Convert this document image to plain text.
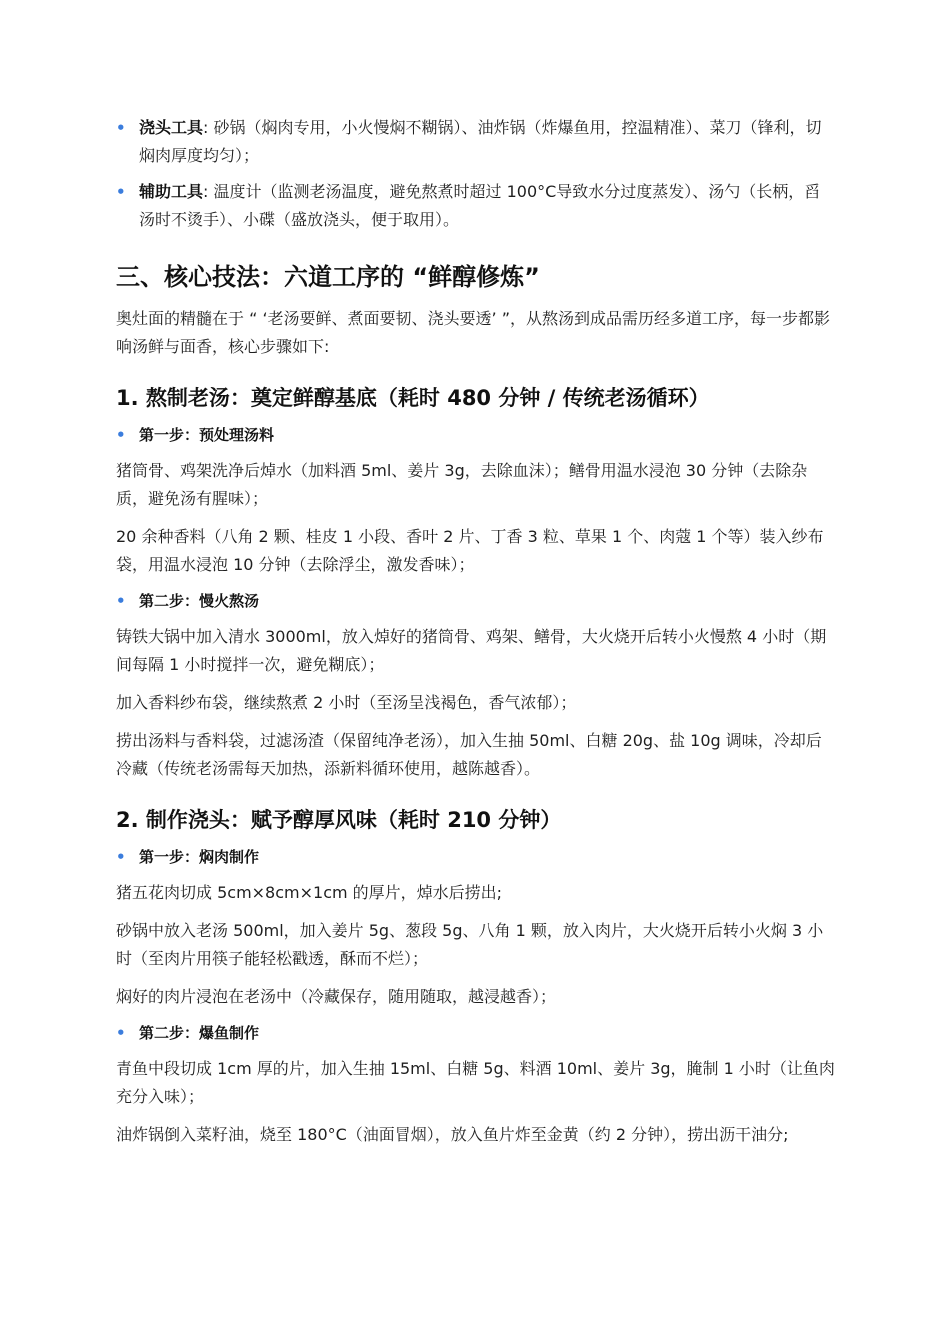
• 浇头工具: 砂锅（焖肉专用，小火慢焖不糊锅）、油炸锅（炸爆鱼用，控温精准）、菜刀（锋利，切焖肉厚度均匀）；
• 辅助工具: 温度计（监测老汤温度，避免熬煮时超过 100°C导致水分过度蒸发）、汤勺（长柄，舀汤时不烫手）、小碟（盛放浇头，便于取用）。
三、核心技法：六道工序的 “鲜醇修炼”

奥灶面的精髓在于 “ ‘老汤要鲜、煮面要韧、浇头要透’ ”，从熬汤到成品需历经多道工序，每一步都影响汤鲜与面香，核心步骤如下:

1. 熬制老汤：奠定鲜醇基底（耗时 480 分钟 / 传统老汤循环）
• 第一步：预处理汤料

猪筒骨、鸡架洗净后焯水（加料酒 5ml、姜片 3g，去除血沫）；鳝骨用温水浸泡 30 分钟（去除杂质，避免汤有腥味）；

20 余种香料（八角 2 颗、桂皮 1 小段、香叶 2 片、丁香 3 粒、草果 1 个、肉蔻 1 个等）装入纱布袋，用温水浸泡 10 分钟（去除浮尘，激发香味）；

• 第二步：慢火熬汤

铸铁大锅中加入清水 3000ml，放入焯好的猪筒骨、鸡架、鳝骨，大火烧开后转小火慢熬 4 小时（期间每隔 1 小时搅拌一次，避免糊底）；

加入香料纱布袋，继续熬煮 2 小时（至汤呈浅褐色，香气浓郁）；

捞出汤料与香料袋，过滤汤渣（保留纯净老汤），加入生抽 50ml、白糖 20g、盐 10g 调味，冷却后冷藏（传统老汤需每天加热，添新料循环使用，越陈越香）。

2. 制作浇头：赋予醇厚风味（耗时 210 分钟）
• 第一步：焖肉制作

猪五花肉切成 5cm×8cm×1cm 的厚片，焯水后捞出;

砂锅中放入老汤 500ml，加入姜片 5g、葱段 5g、八角 1 颗，放入肉片，大火烧开后转小火焖 3 小时（至肉片用筷子能轻松戳透，酥而不烂）；

焖好的肉片浸泡在老汤中（冷藏保存，随用随取，越浸越香）；

• 第二步：爆鱼制作

青鱼中段切成 1cm 厚的片，加入生抽 15ml、白糖 5g、料酒 10ml、姜片 3g，腌制 1 小时（让鱼肉充分入味）；

油炸锅倒入菜籽油，烧至 180°C（油面冒烟），放入鱼片炸至金黄（约 2 分钟），捞出沥干油分;
